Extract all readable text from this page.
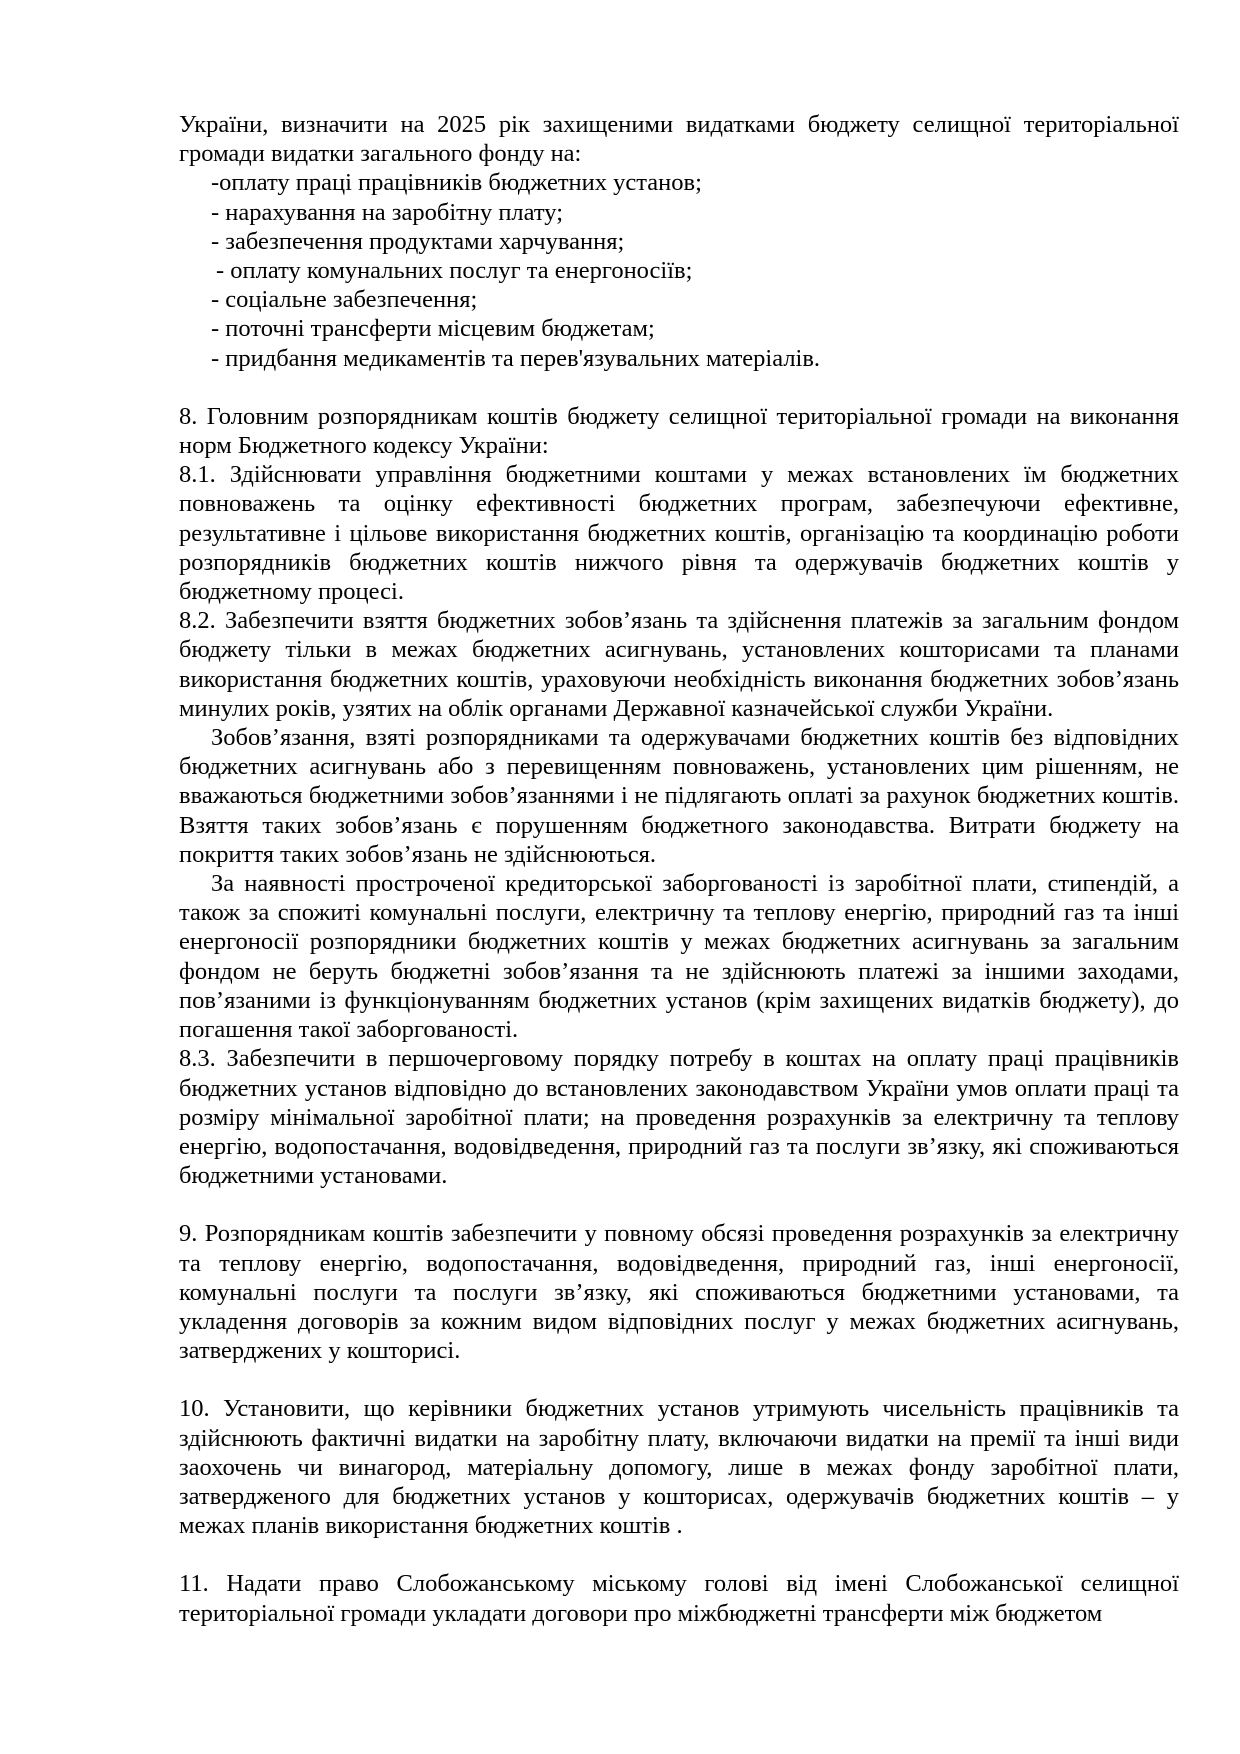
України, визначити на 2025 рік захищеними видатками бюджету селищної територіальної громади видатки загального фонду на:

-оплату праці працівників бюджетних установ;

- нарахування на заробітну плату;

- забезпечення продуктами харчування;

- оплату комунальних послуг та енергоносіїв;

- соціальне забезпечення;

- поточні трансферти місцевим бюджетам;

- придбання медикаментів та перев'язувальних матеріалів.

8. Головним розпорядникам коштів бюджету селищної територіальної громади на виконання норм Бюджетного кодексу України:

8.1. Здійснювати управління бюджетними коштами у межах встановлених їм бюджетних повноважень та оцінку ефективності бюджетних програм, забезпечуючи ефективне, результативне і цільове використання бюджетних коштів, організацію та координацію роботи розпорядників бюджетних коштів нижчого рівня та одержувачів бюджетних коштів у бюджетному процесі.

8.2. Забезпечити взяття бюджетних зобов’язань та здійснення платежів за загальним фондом бюджету тільки в межах бюджетних асигнувань, установлених кошторисами та планами використання бюджетних коштів, ураховуючи необхідність виконання бюджетних зобов’язань минулих років, узятих на облік органами Державної казначейської служби України.

Зобов’язання, взяті розпорядниками та одержувачами бюджетних коштів без відповідних бюджетних асигнувань або з перевищенням повноважень, установлених цим рішенням, не вважаються бюджетними зобов’язаннями і не підлягають оплаті за рахунок бюджетних коштів. Взяття таких зобов’язань є порушенням бюджетного законодавства. Витрати бюджету на покриття таких зобов’язань не здійснюються.

За наявності простроченої кредиторської заборгованості із заробітної плати, стипендій, а також за спожиті комунальні послуги, електричну та теплову енергію, природний газ та інші енергоносії розпорядники бюджетних коштів у межах бюджетних асигнувань за загальним фондом не беруть бюджетні зобов’язання та не здійснюють платежі за іншими заходами, пов’язаними із функціонуванням бюджетних установ (крім захищених видатків бюджету), до погашення такої заборгованості.

8.3. Забезпечити в першочерговому порядку потребу в коштах на оплату праці працівників бюджетних установ відповідно до встановлених законодавством України умов оплати праці та розміру мінімальної заробітної плати; на проведення розрахунків за електричну та теплову енергію, водопостачання, водовідведення, природний газ та послуги зв’язку, які споживаються бюджетними установами.

9. Розпорядникам коштів забезпечити у повному обсязі проведення розрахунків за електричну та теплову енергію, водопостачання, водовідведення, природний газ, інші енергоносії, комунальні послуги та послуги зв’язку, які споживаються бюджетними установами, та укладення договорів за кожним видом відповідних послуг у межах бюджетних асигнувань, затверджених у кошторисі.

10. Установити, що керівники бюджетних установ утримують чисельність працівників та здійснюють фактичні видатки на заробітну плату, включаючи видатки на премії та інші види заохочень чи винагород, матеріальну допомогу, лише в межах фонду заробітної плати, затвердженого для бюджетних установ у кошторисах, одержувачів бюджетних коштів – у межах планів використання бюджетних коштів .

11. Надати право Слобожанському міському голові від імені Слобожанської селищної територіальної громади укладати договори про міжбюджетні трансферти між бюджетом
